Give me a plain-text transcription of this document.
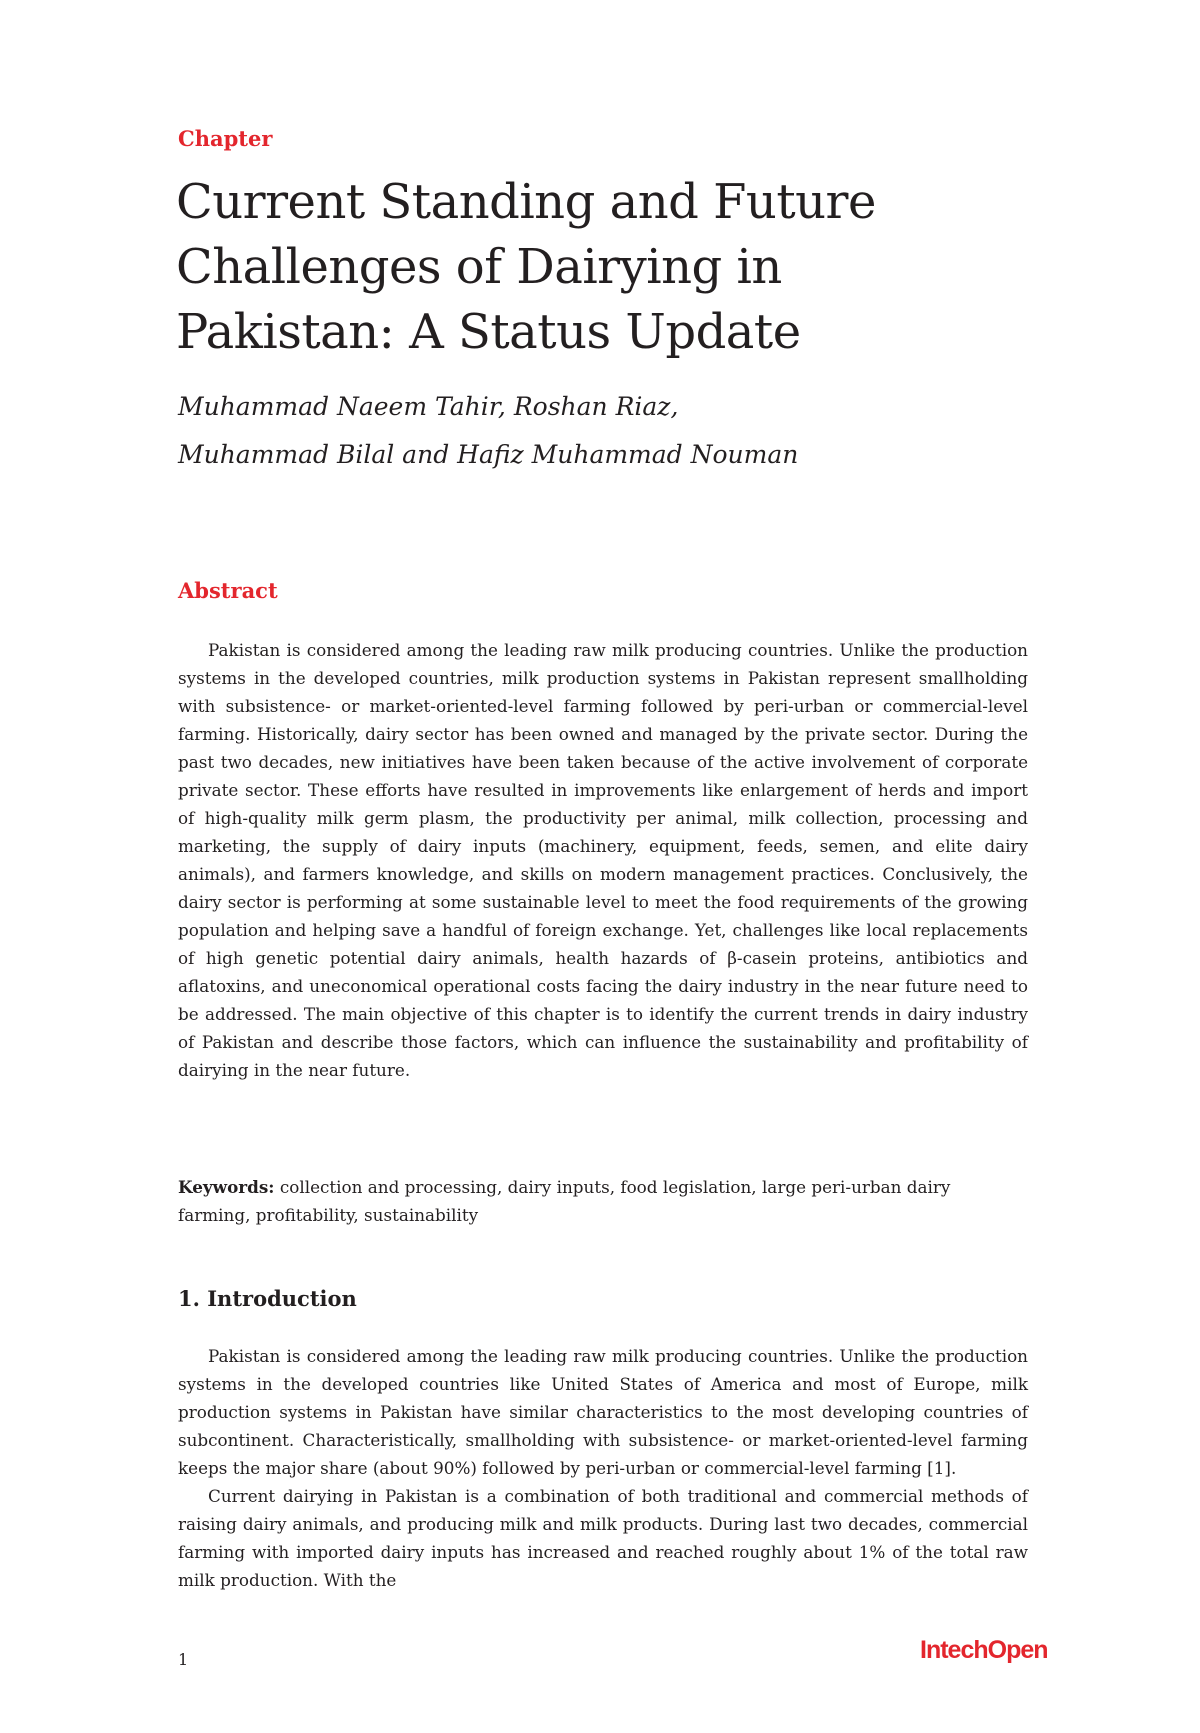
Chapter
Current Standing and Future
Challenges of Dairying in
Pakistan: A Status Update
Muhammad Naeem Tahir, Roshan Riaz,
Muhammad Bilal and Hafiz Muhammad Nouman
Abstract

Pakistan is considered among the leading raw milk producing countries. Unlike the production systems in the developed countries, milk production systems in Pakistan represent smallholding with subsistence- or market-oriented-level farming followed by peri-urban or commercial-level farming. Historically, dairy sector has been owned and managed by the private sector. During the past two decades, new initiatives have been taken because of the active involvement of corporate private sector. These efforts have resulted in improvements like enlargement of herds and import of high-quality milk germ plasm, the productivity per animal, milk collection, processing and marketing, the supply of dairy inputs (machinery, equipment, feeds, semen, and elite dairy animals), and farmers knowledge, and skills on modern management practices. Conclusively, the dairy sector is performing at some sustainable level to meet the food requirements of the growing population and helping save a handful of foreign exchange. Yet, challenges like local replacements of high genetic potential dairy animals, health hazards of β-casein proteins, antibiotics and aflatoxins, and uneconomical operational costs facing the dairy industry in the near future need to be addressed. The main objective of this chapter is to identify the current trends in dairy industry of Pakistan and describe those factors, which can influence the sustainability and profitability of dairying in the near future.

Keywords: collection and processing, dairy inputs, food legislation, large peri-urban dairy farming, profitability, sustainability
1. Introduction

Pakistan is considered among the leading raw milk producing countries. Unlike the production systems in the developed countries like United States of America and most of Europe, milk production systems in Pakistan have similar characteristics to the most developing countries of subcontinent. Characteristically, smallholding with subsistence- or market-oriented-level farming keeps the major share (about 90%) followed by peri-urban or commercial-level farming [1].

Current dairying in Pakistan is a combination of both traditional and commercial methods of raising dairy animals, and producing milk and milk products. During last two decades, commercial farming with imported dairy inputs has increased and reached roughly about 1% of the total raw milk production. With the

1	IntechOpen
